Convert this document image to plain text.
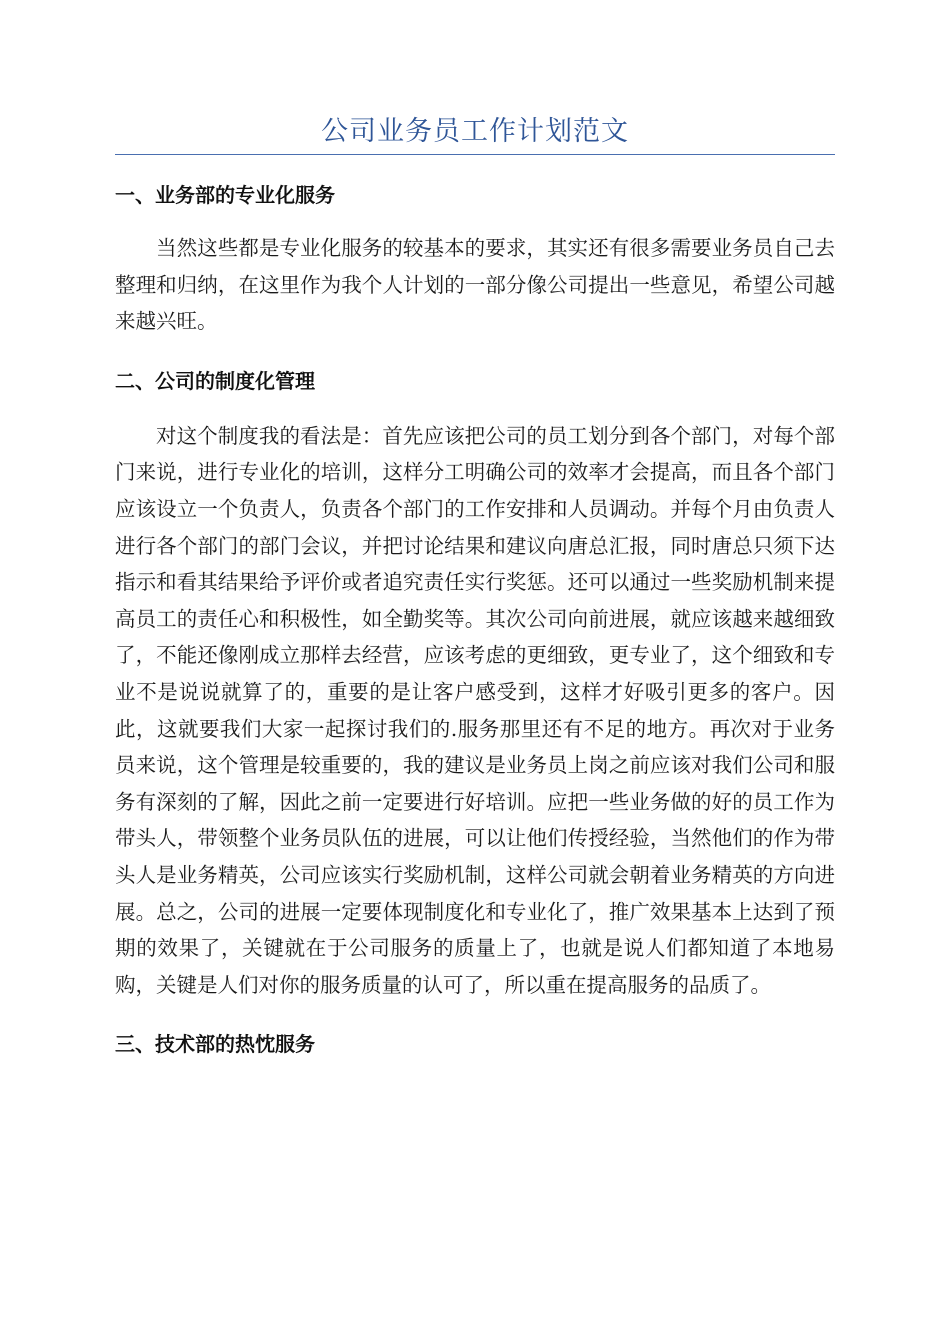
公司业务员工作计划范文
一、业务部的专业化服务

当然这些都是专业化服务的较基本的要求，其实还有很多需要业务员自己去整理和归纳，在这里作为我个人计划的一部分像公司提出一些意见，希望公司越来越兴旺。

二、公司的制度化管理

对这个制度我的看法是：首先应该把公司的员工划分到各个部门，对每个部门来说，进行专业化的培训，这样分工明确公司的效率才会提高，而且各个部门应该设立一个负责人，负责各个部门的工作安排和人员调动。并每个月由负责人进行各个部门的部门会议，并把讨论结果和建议向唐总汇报，同时唐总只须下达指示和看其结果给予评价或者追究责任实行奖惩。还可以通过一些奖励机制来提高员工的责任心和积极性，如全勤奖等。其次公司向前进展，就应该越来越细致了，不能还像刚成立那样去经营，应该考虑的更细致，更专业了，这个细致和专业不是说说就算了的，重要的是让客户感受到，这样才好吸引更多的客户。因此，这就要我们大家一起探讨我们的.服务那里还有不足的地方。再次对于业务员来说，这个管理是较重要的，我的建议是业务员上岗之前应该对我们公司和服务有深刻的了解，因此之前一定要进行好培训。应把一些业务做的好的员工作为带头人，带领整个业务员队伍的进展，可以让他们传授经验，当然他们的作为带头人是业务精英，公司应该实行奖励机制，这样公司就会朝着业务精英的方向进展。总之，公司的进展一定要体现制度化和专业化了，推广效果基本上达到了预期的效果了，关键就在于公司服务的质量上了，也就是说人们都知道了本地易购，关键是人们对你的服务质量的认可了，所以重在提高服务的品质了。

三、技术部的热忱服务
